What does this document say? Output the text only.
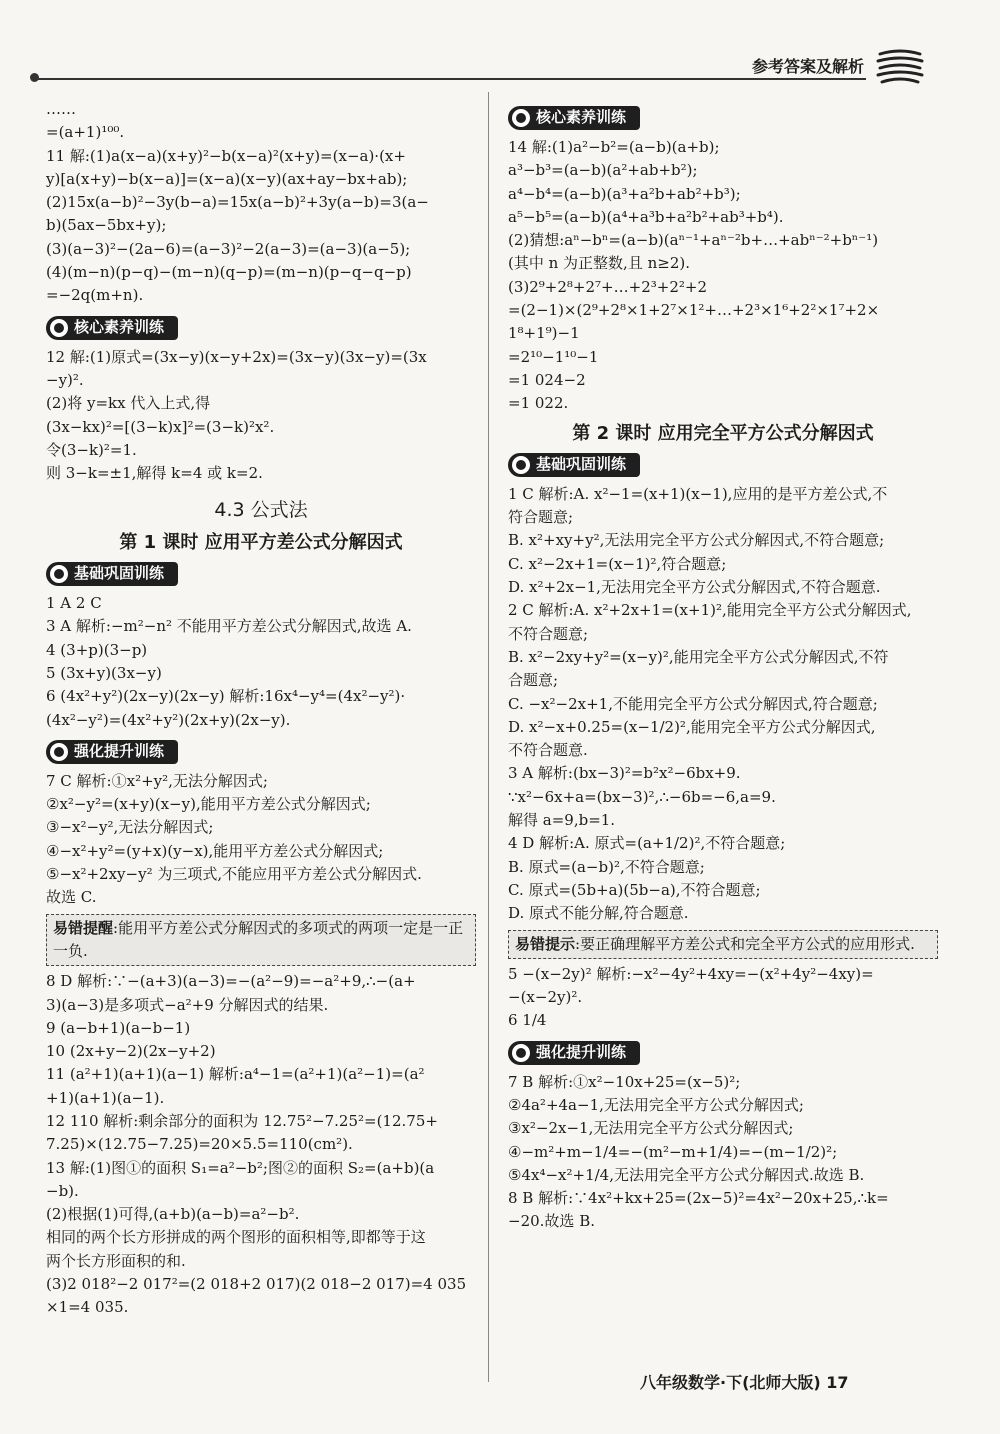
参考答案及解析
……
=(a+1)¹⁰⁰.
11 解:(1)a(x−a)(x+y)²−b(x−a)²(x+y)=(x−a)·(x+
y)[a(x+y)−b(x−a)]=(x−a)(x−y)(ax+ay−bx+ab);
(2)15x(a−b)²−3y(b−a)=15x(a−b)²+3y(a−b)=3(a−
b)(5ax−5bx+y);
(3)(a−3)²−(2a−6)=(a−3)²−2(a−3)=(a−3)(a−5);
(4)(m−n)(p−q)−(m−n)(q−p)=(m−n)(p−q−q−p)
=−2q(m+n).
核心素养训练
12 解:(1)原式=(3x−y)(x−y+2x)=(3x−y)(3x−y)=(3x
−y)².
(2)将 y=kx 代入上式,得
(3x−kx)²=[(3−k)x]²=(3−k)²x².
令(3−k)²=1.
则 3−k=±1,解得 k=4 或 k=2.
4.3 公式法
第 1 课时 应用平方差公式分解因式
基础巩固训练
1 A 2 C
3 A 解析:−m²−n² 不能用平方差公式分解因式,故选 A.
4 (3+p)(3−p)
5 (3x+y)(3x−y)
6 (4x²+y²)(2x−y)(2x−y) 解析:16x⁴−y⁴=(4x²−y²)·
(4x²−y²)=(4x²+y²)(2x+y)(2x−y).
强化提升训练
7 C 解析:①x²+y²,无法分解因式;
②x²−y²=(x+y)(x−y),能用平方差公式分解因式;
③−x²−y²,无法分解因式;
④−x²+y²=(y+x)(y−x),能用平方差公式分解因式;
⑤−x²+2xy−y² 为三项式,不能应用平方差公式分解因式.
故选 C.
易错提醒:能用平方差公式分解因式的多项式的两项一定是一正一负.
8 D 解析:∵−(a+3)(a−3)=−(a²−9)=−a²+9,∴−(a+
3)(a−3)是多项式−a²+9 分解因式的结果.
9 (a−b+1)(a−b−1)
10 (2x+y−2)(2x−y+2)
11 (a²+1)(a+1)(a−1) 解析:a⁴−1=(a²+1)(a²−1)=(a²
+1)(a+1)(a−1).
12 110 解析:剩余部分的面积为 12.75²−7.25²=(12.75+
7.25)×(12.75−7.25)=20×5.5=110(cm²).
13 解:(1)图①的面积 S₁=a²−b²;图②的面积 S₂=(a+b)(a
−b).
(2)根据(1)可得,(a+b)(a−b)=a²−b².
相同的两个长方形拼成的两个图形的面积相等,即都等于这
两个长方形面积的和.
(3)2 018²−2 017²=(2 018+2 017)(2 018−2 017)=4 035
×1=4 035.
核心素养训练
14 解:(1)a²−b²=(a−b)(a+b);
a³−b³=(a−b)(a²+ab+b²);
a⁴−b⁴=(a−b)(a³+a²b+ab²+b³);
a⁵−b⁵=(a−b)(a⁴+a³b+a²b²+ab³+b⁴).
(2)猜想:aⁿ−bⁿ=(a−b)(aⁿ⁻¹+aⁿ⁻²b+…+abⁿ⁻²+bⁿ⁻¹)
(其中 n 为正整数,且 n≥2).
(3)2⁹+2⁸+2⁷+…+2³+2²+2
=(2−1)×(2⁹+2⁸×1+2⁷×1²+…+2³×1⁶+2²×1⁷+2×
1⁸+1⁹)−1
=2¹⁰−1¹⁰−1
=1 024−2
=1 022.
第 2 课时 应用完全平方公式分解因式
基础巩固训练
1 C 解析:A. x²−1=(x+1)(x−1),应用的是平方差公式,不
符合题意;
B. x²+xy+y²,无法用完全平方公式分解因式,不符合题意;
C. x²−2x+1=(x−1)²,符合题意;
D. x²+2x−1,无法用完全平方公式分解因式,不符合题意.
2 C 解析:A. x²+2x+1=(x+1)²,能用完全平方公式分解因式,
不符合题意;
B. x²−2xy+y²=(x−y)²,能用完全平方公式分解因式,不符
合题意;
C. −x²−2x+1,不能用完全平方公式分解因式,符合题意;
D. x²−x+0.25=(x−1/2)²,能用完全平方公式分解因式,
不符合题意.
3 A 解析:(bx−3)²=b²x²−6bx+9.
∵x²−6x+a=(bx−3)²,∴−6b=−6,a=9.
解得 a=9,b=1.
4 D 解析:A. 原式=(a+1/2)²,不符合题意;
B. 原式=(a−b)²,不符合题意;
C. 原式=(5b+a)(5b−a),不符合题意;
D. 原式不能分解,符合题意.
易错提示:要正确理解平方差公式和完全平方公式的应用形式.
5 −(x−2y)² 解析:−x²−4y²+4xy=−(x²+4y²−4xy)=
−(x−2y)².
6 1/4
强化提升训练
7 B 解析:①x²−10x+25=(x−5)²;
②4a²+4a−1,无法用完全平方公式分解因式;
③x²−2x−1,无法用完全平方公式分解因式;
④−m²+m−1/4=−(m²−m+1/4)=−(m−1/2)²;
⑤4x⁴−x²+1/4,无法用完全平方公式分解因式.故选 B.
8 B 解析:∵4x²+kx+25=(2x−5)²=4x²−20x+25,∴k=
−20.故选 B.
八年级数学·下(北师大版) 17
